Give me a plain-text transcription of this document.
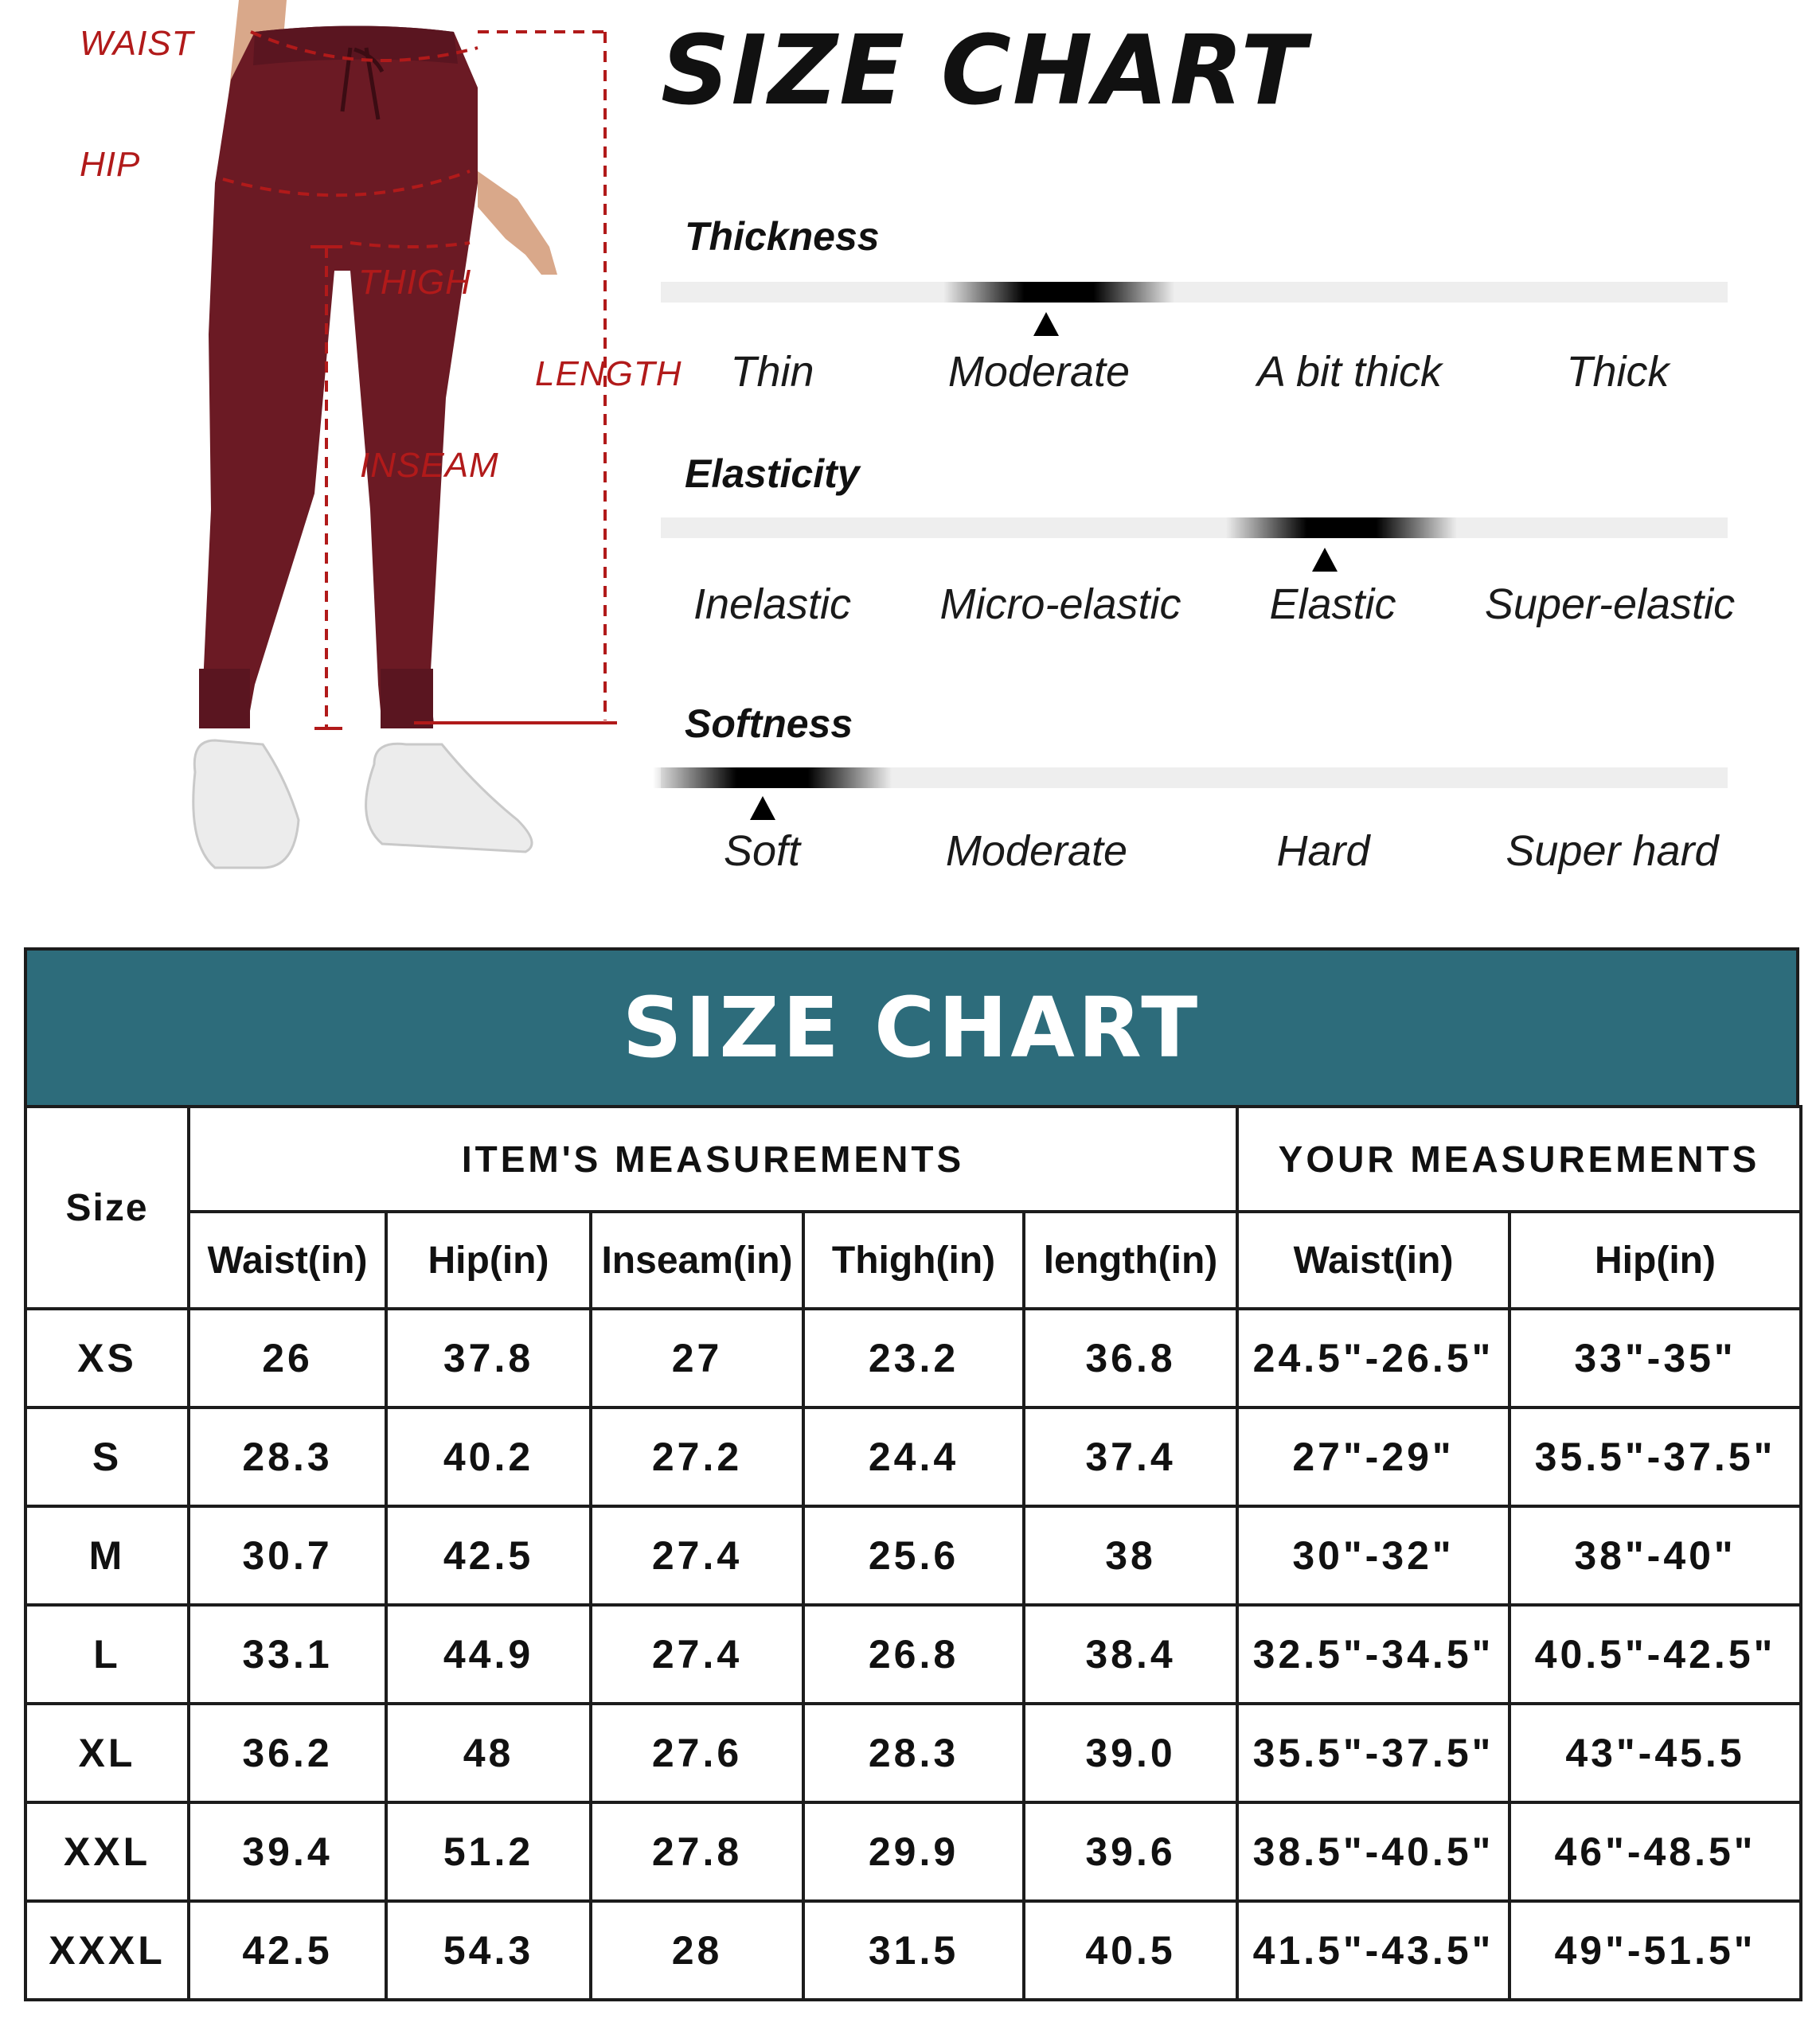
WAIST
HIP
THIGH
LENGTH
INSEAM
SIZE CHART
Thickness
Thin	Moderate	A bit thick	Thick
Elasticity
Inelastic	Micro-elastic	Elastic	Super-elastic
Softness
Soft	Moderate	Hard	Super hard
SIZE CHART
Size	ITEM'S MEASUREMENTS					YOUR MEASUREMENTS	
	Waist(in)	Hip(in)	Inseam(in)	Thigh(in)	length(in)	Waist(in)	Hip(in)
XS	26	37.8	27	23.2	36.8	24.5"-26.5"	33"-35"
S	28.3	40.2	27.2	24.4	37.4	27"-29"	35.5"-37.5"
M	30.7	42.5	27.4	25.6	38	30"-32"	38"-40"
L	33.1	44.9	27.4	26.8	38.4	32.5"-34.5"	40.5"-42.5"
XL	36.2	48	27.6	28.3	39.0	35.5"-37.5"	43"-45.5
XXL	39.4	51.2	27.8	29.9	39.6	38.5"-40.5"	46"-48.5"
XXXL	42.5	54.3	28	31.5	40.5	41.5"-43.5"	49"-51.5"
